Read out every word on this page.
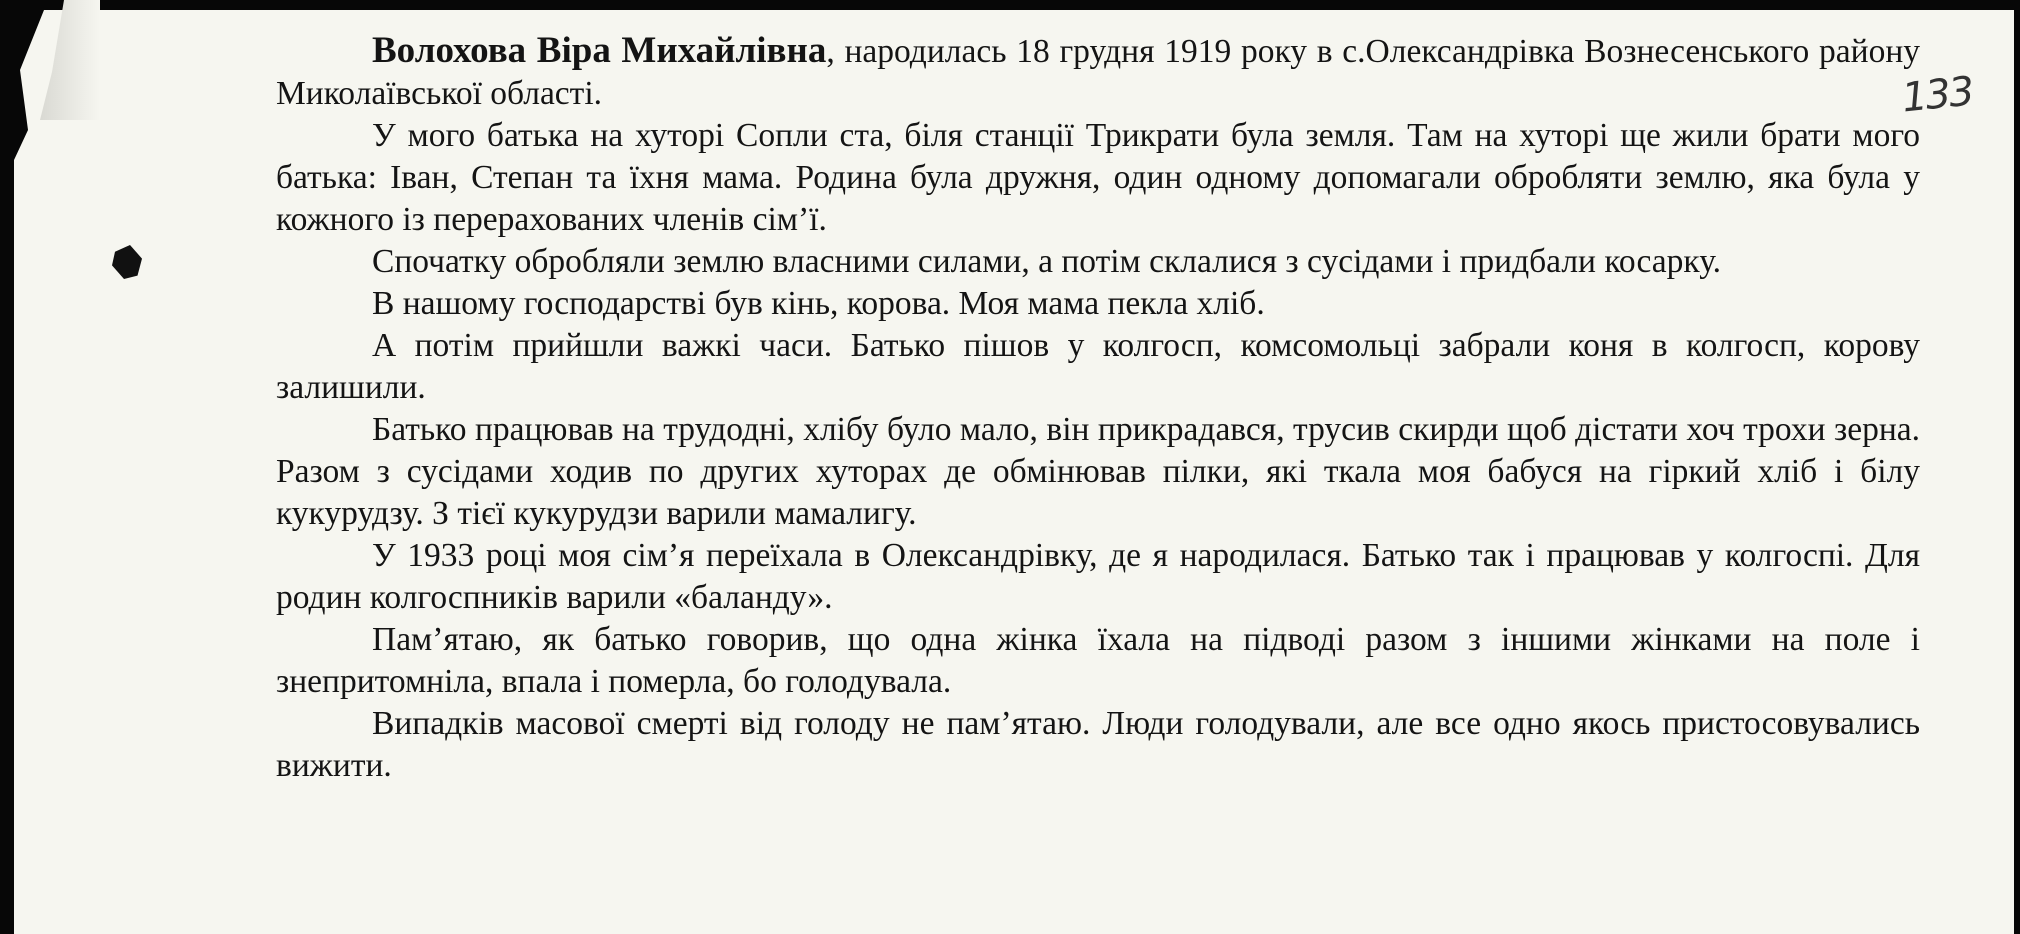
133

Волохова Віра Михайлівна, народилась 18 грудня 1919 року в с.Олександрівка Вознесенського району Миколаївської області.

У мого батька на хуторі Сопли ста, біля станції Трикрати була земля. Там на хуторі ще жили брати мого батька: Іван, Степан та їхня мама. Родина була дружня, один одному допомагали обробляти землю, яка була у кожного із перерахованих членів сім’ї.

Спочатку обробляли землю власними силами, а потім склалися з сусідами і придбали косарку.

В нашому господарстві був кінь, корова. Моя мама пекла хліб.

А потім прийшли важкі часи. Батько пішов у колгосп, комсомольці забрали коня в колгосп, корову залишили.

Батько працював на трудодні, хлібу було мало, він прикрадався, трусив скирди щоб дістати хоч трохи зерна. Разом з сусідами ходив по других хуторах де обмінював пілки, які ткала моя бабуся на гіркий хліб і білу кукурудзу. З тієї кукурудзи варили мамалигу.

У 1933 році моя сім’я переїхала в Олександрівку, де я народилася. Батько так і працював у колгоспі. Для родин колгоспників варили «баланду».

Пам’ятаю, як батько говорив, що одна жінка їхала на підводі разом з іншими жінками на поле і знепритомніла, впала і померла, бо голодувала.

Випадків масової смерті від голоду не пам’ятаю. Люди голодували, але все одно якось пристосовувались вижити.
